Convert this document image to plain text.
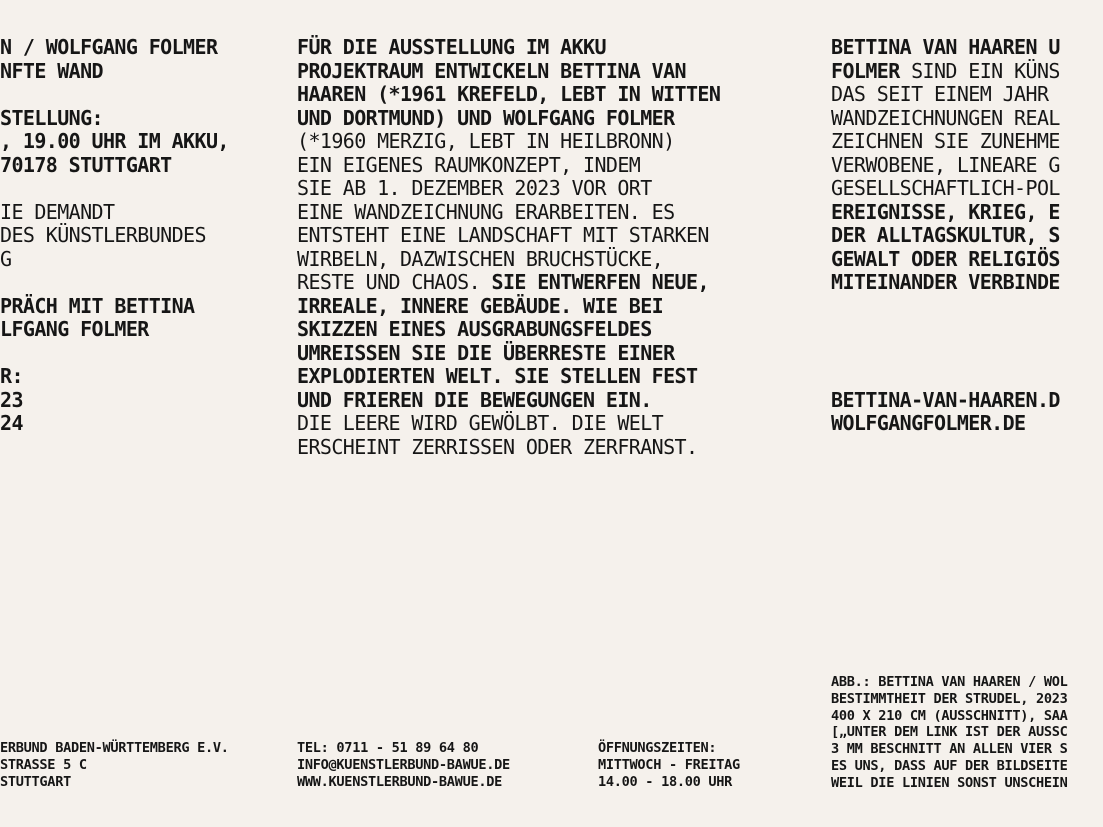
N / WOLFGANG FOLMER
NFTE WAND
STELLUNG:
, 19.00 UHR IM AKKU,
70178 STUTTGART
IE DEMANDT
DES KÜNSTLERBUNDES
G
PRÄCH MIT BETTINA
LFGANG FOLMER
R:
23
24
FÜR DIE AUSSTELLUNG IM AKKU
PROJEKTRAUM ENTWICKELN BETTINA VAN
HAAREN (*1961 KREFELD, LEBT IN WITTEN
UND DORTMUND) UND WOLFGANG FOLMER
(*1960 MERZIG, LEBT IN HEILBRONN)
EIN EIGENES RAUMKONZEPT, INDEM
SIE AB 1. DEZEMBER 2023 VOR ORT
EINE WANDZEICHNUNG ERARBEITEN. ES
ENTSTEHT EINE LANDSCHAFT MIT STARKEN
WIRBELN, DAZWISCHEN BRUCHSTÜCKE,
RESTE UND CHAOS. SIE ENTWERFEN NEUE,
IRREALE, INNERE GEBÄUDE. WIE BEI
SKIZZEN EINES AUSGRABUNGSFELDES
UMREISSEN SIE DIE ÜBERRESTE EINER
EXPLODIERTEN WELT. SIE STELLEN FEST
UND FRIEREN DIE BEWEGUNGEN EIN.
DIE LEERE WIRD GEWÖLBT. DIE WELT
ERSCHEINT ZERRISSEN ODER ZERFRANST.
BETTINA VAN HAAREN U
FOLMER SIND EIN KÜNS
DAS SEIT EINEM JAHR
WANDZEICHNUNGEN REAL
ZEICHNEN SIE ZUNEHME
VERWOBENE, LINEARE G
GESELLSCHAFTLICH-POL
EREIGNISSE, KRIEG, E
DER ALLTAGSKULTUR, S
GEWALT ODER RELIGIÖS
MITEINANDER VERBINDE
BETTINA-VAN-HAAREN.D
WOLFGANGFOLMER.DE
ABB.: BETTINA VAN HAAREN / WOL
BESTIMMTHEIT DER STRUDEL, 2023
400 X 210 CM (AUSSCHNITT), SAA
[„UNTER DEM LINK IST DER AUSSC
3 MM BESCHNITT AN ALLEN VIER S
ES UNS, DASS AUF DER BILDSEITE
WEIL DIE LINIEN SONST UNSCHEIN
ERBUND BADEN-WÜRTTEMBERG E.V.
STRASSE 5 C
STUTTGART
TEL: 0711 - 51 89 64 80
INFO@KUENSTLERBUND-BAWUE.DE
WWW.KUENSTLERBUND-BAWUE.DE
ÖFFNUNGSZEITEN:
MITTWOCH - FREITAG
14.00 - 18.00 UHR
